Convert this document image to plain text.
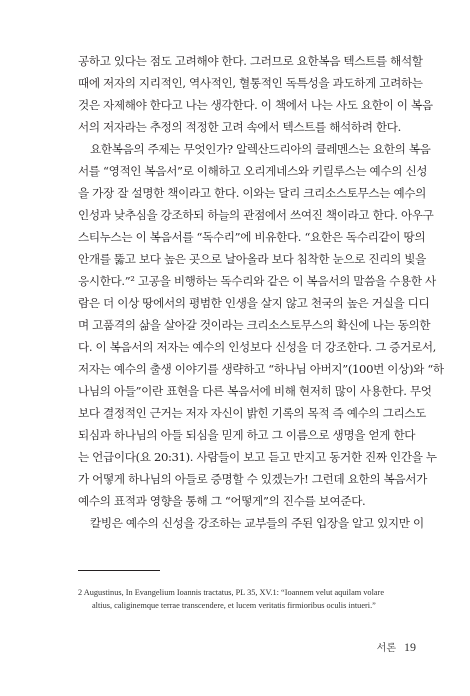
공하고 있다는 점도 고려해야 한다. 그러므로 요한복음 텍스트를 해석할
때에 저자의 지리적인, 역사적인, 혈통적인 독특성을 과도하게 고려하는
것은 자제해야 한다고 나는 생각한다. 이 책에서 나는 사도 요한이 이 복음
서의 저자라는 추정의 적정한 고려 속에서 텍스트를 해석하려 한다.
요한복음의 주제는 무엇인가? 알렉산드리아의 클레멘스는 요한의 복음
서를 “영적인 복음서”로 이해하고 오리게네스와 키릴루스는 예수의 신성
을 가장 잘 설명한 책이라고 한다. 이와는 달리 크리소스토무스는 예수의
인성과 낮추심을 강조하되 하늘의 관점에서 쓰여진 책이라고 한다. 아우구
스티누스는 이 복음서를 “독수리”에 비유한다. “요한은 독수리같이 땅의
안개를 뚫고 보다 높은 곳으로 날아올라 보다 침착한 눈으로 진리의 빛을
응시한다.”² 고공을 비행하는 독수리와 같은 이 복음서의 말씀을 수용한 사
람은 더 이상 땅에서의 평범한 인생을 살지 않고 천국의 높은 거실을 디디
며 고품격의 삶을 살아갈 것이라는 크리소스토무스의 확신에 나는 동의한
다. 이 복음서의 저자는 예수의 인성보다 신성을 더 강조한다. 그 증거로서,
저자는 예수의 출생 이야기를 생략하고 “하나님 아버지”(100번 이상)와 “하
나님의 아들”이란 표현을 다른 복음서에 비해 현저히 많이 사용한다. 무엇
보다 결정적인 근거는 저자 자신이 밝힌 기록의 목적 즉 예수의 그리스도
되심과 하나님의 아들 되심을 믿게 하고 그 이름으로 생명을 얻게 한다
는 언급이다(요 20:31). 사람들이 보고 듣고 만지고 동거한 진짜 인간을 누
가 어떻게 하나님의 아들로 증명할 수 있겠는가! 그런데 요한의 복음서가
예수의 표적과 영향을 통해 그 “어떻게”의 진수를 보여준다.
칼빙은 예수의 신성을 강조하는 교부들의 주된 입장을 알고 있지만 이
2 Augustinus, In Evangelium Ioannis tractatus, PL 35, XV.1: “Ioannem velut aquilam volare
altius, caliginemque terrae transcendere, et lucem veritatis firmioribus oculis intueri.”
서론 19
